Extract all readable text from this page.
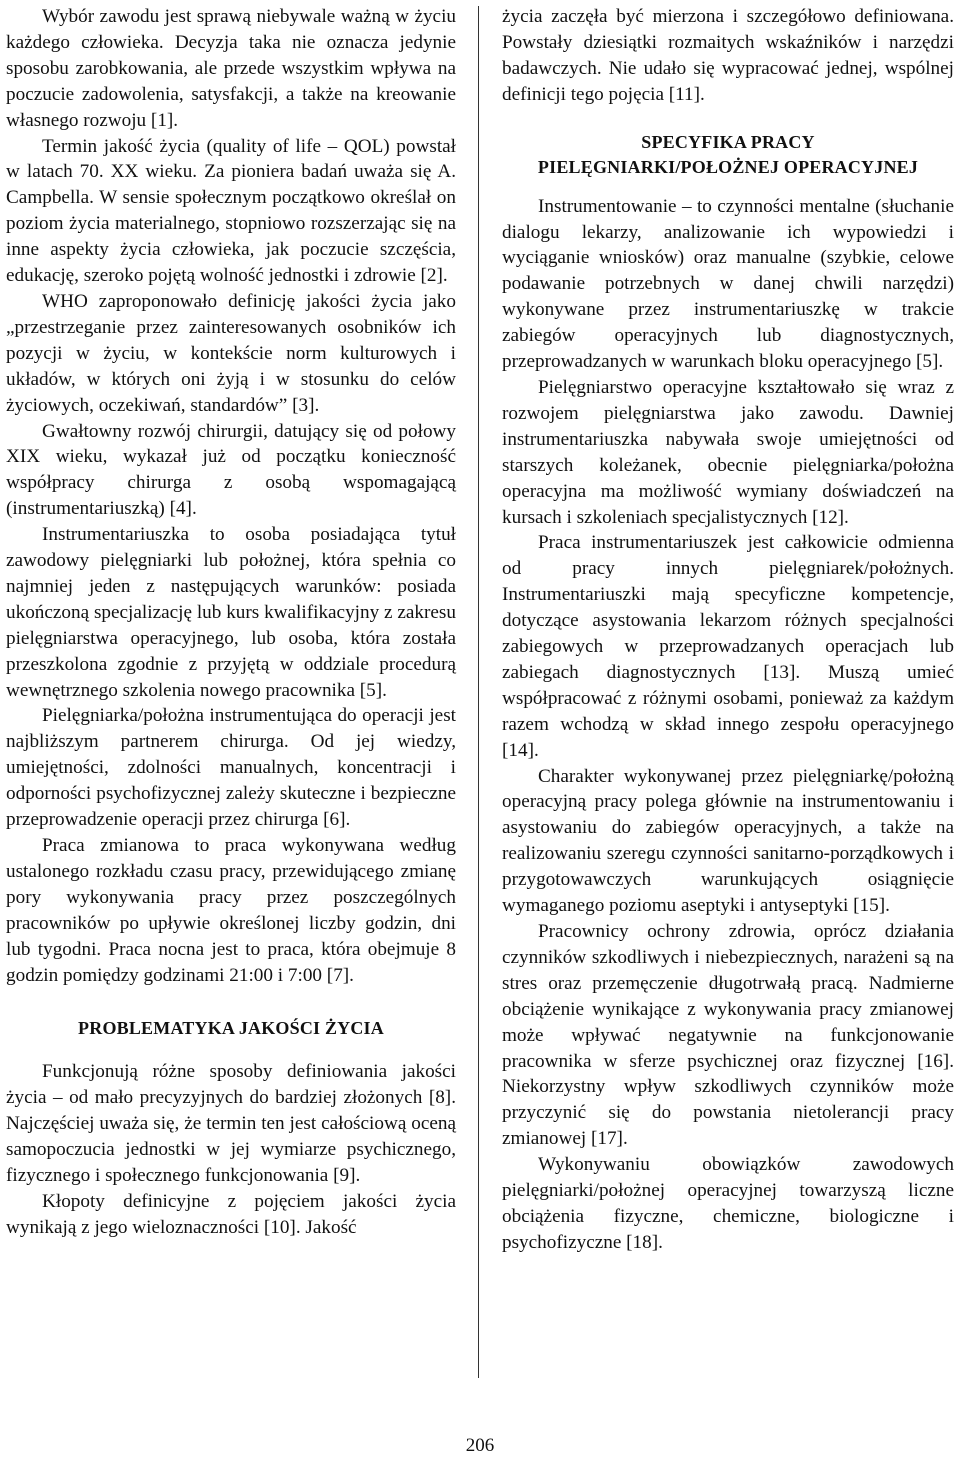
Wybór zawodu jest sprawą niebywale ważną w życiu każdego człowieka. Decyzja taka nie oznacza jedynie sposobu zarobkowania, ale przede wszystkim wpływa na poczucie zadowolenia, satysfakcji, a także na kreowanie własnego rozwoju [1].

Termin jakość życia (quality of life – QOL) powstał w latach 70. XX wieku. Za pioniera badań uważa się A. Campbella. W sensie społecznym początkowo określał on poziom życia materialnego, stopniowo rozszerzając się na inne aspekty życia człowieka, jak poczucie szczęścia, edukację, szeroko pojętą wolność jednostki i zdrowie [2].

WHO zaproponowało definicję jakości życia jako „przestrzeganie przez zainteresowanych osobników ich pozycji w życiu, w kontekście norm kulturowych i układów, w których oni żyją i w stosunku do celów życiowych, oczekiwań, standardów” [3].

Gwałtowny rozwój chirurgii, datujący się od połowy XIX wieku, wykazał już od początku konieczność współpracy chirurga z osobą wspomagającą (instrumentariuszką) [4].

Instrumentariuszka to osoba posiadająca tytuł zawodowy pielęgniarki lub położnej, która spełnia co najmniej jeden z następujących warunków: posiada ukończoną specjalizację lub kurs kwalifikacyjny z zakresu pielęgniarstwa operacyjnego, lub osoba, która została przeszkolona zgodnie z przyjętą w oddziale procedurą wewnętrznego szkolenia nowego pracownika [5].

Pielęgniarka/położna instrumentująca do operacji jest najbliższym partnerem chirurga. Od jej wiedzy, umiejętności, zdolności manualnych, koncentracji i odporności psychofizycznej zależy skuteczne i bezpieczne przeprowadzenie operacji przez chirurga [6].

Praca zmianowa to praca wykonywana według ustalonego rozkładu czasu pracy, przewidującego zmianę pory wykonywania pracy przez poszczególnych pracowników po upływie określonej liczby godzin, dni lub tygodni. Praca nocna jest to praca, która obejmuje 8 godzin pomiędzy godzinami 21:00 i 7:00 [7].

PROBLEMATYKA JAKOŚCI ŻYCIA

Funkcjonują różne sposoby definiowania jakości życia – od mało precyzyjnych do bardziej złożonych [8]. Najczęściej uważa się, że termin ten jest całościową oceną samopoczucia jednostki w jej wymiarze psychicznego, fizycznego i społecznego funkcjonowania [9].

Kłopoty definicyjne z pojęciem jakości życia wynikają z jego wieloznaczności [10]. Jakość

życia zaczęła być mierzona i szczegółowo definiowana. Powstały dziesiątki rozmaitych wskaźników i narzędzi badawczych. Nie udało się wypracować jednej, wspólnej definicji tego pojęcia [11].

SPECYFIKA PRACY
PIELĘGNIARKI/POŁOŻNEJ OPERACYJNEJ

Instrumentowanie – to czynności mentalne (słuchanie dialogu lekarzy, analizowanie ich wypowiedzi i wyciąganie wniosków) oraz manualne (szybkie, celowe podawanie potrzebnych w danej chwili narzędzi) wykonywane przez instrumentariuszkę w trakcie zabiegów operacyjnych lub diagnostycznych, przeprowadzanych w warunkach bloku operacyjnego [5].

Pielęgniarstwo operacyjne kształtowało się wraz z rozwojem pielęgniarstwa jako zawodu. Dawniej instrumentariuszka nabywała swoje umiejętności od starszych koleżanek, obecnie pielęgniarka/położna operacyjna ma możliwość wymiany doświadczeń na kursach i szkoleniach specjalistycznych [12].

Praca instrumentariuszek jest całkowicie odmienna od pracy innych pielęgniarek/położnych. Instrumentariuszki mają specyficzne kompetencje, dotyczące asystowania lekarzom różnych specjalności zabiegowych w przeprowadzanych operacjach lub zabiegach diagnostycznych [13]. Muszą umieć współpracować z różnymi osobami, ponieważ za każdym razem wchodzą w skład innego zespołu operacyjnego [14].

Charakter wykonywanej przez pielęgniarkę/położną operacyjną pracy polega głównie na instrumentowaniu i asystowaniu do zabiegów operacyjnych, a także na realizowaniu szeregu czynności sanitarno-porządkowych i przygotowawczych warunkujących osiągnięcie wymaganego poziomu aseptyki i antyseptyki [15].

Pracownicy ochrony zdrowia, oprócz działania czynników szkodliwych i niebezpiecznych, narażeni są na stres oraz przemęczenie długotrwałą pracą. Nadmierne obciążenie wynikające z wykonywania pracy zmianowej może wpływać negatywnie na funkcjonowanie pracownika w sferze psychicznej oraz fizycznej [16]. Niekorzystny wpływ szkodliwych czynników może przyczynić się do powstania nietolerancji pracy zmianowej [17].

Wykonywaniu obowiązków zawodowych pielęgniarki/położnej operacyjnej towarzyszą liczne obciążenia fizyczne, chemiczne, biologiczne i psychofizyczne [18].

206
